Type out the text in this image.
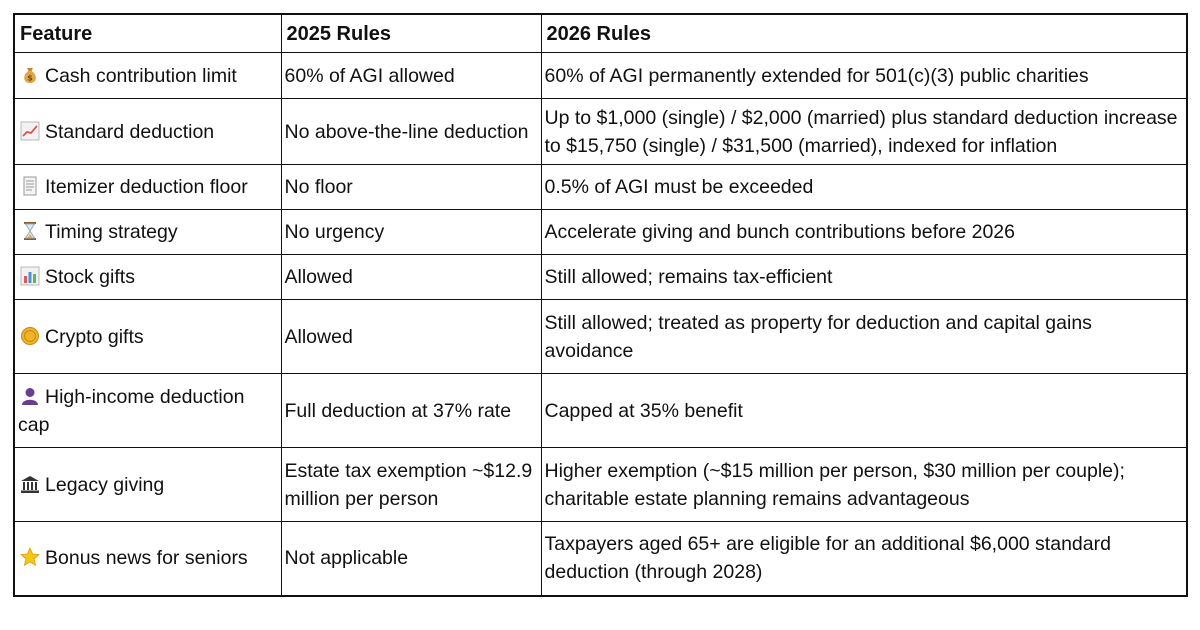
Feature	2025 Rules	2026 Rules

$ Cash contribution limit	60% of AGI allowed	60% of AGI permanently extended for 501(c)(3) public charities
Standard deduction	No above-the-line deduction	Up to $1,000 (single) / $2,000 (married) plus standard deduction increase to $15,750 (single) / $31,500 (married), indexed for inflation
Itemizer deduction floor	No floor	0.5% of AGI must be exceeded
Timing strategy	No urgency	Accelerate giving and bunch contributions before 2026
Stock gifts	Allowed	Still allowed; remains tax-efficient
Crypto gifts	Allowed	Still allowed; treated as property for deduction and capital gains avoidance
High-income deduction cap	Full deduction at 37% rate	Capped at 35% benefit
Legacy giving	Estate tax exemption ~$12.9 million per person	Higher exemption (~$15 million per person, $30 million per couple); charitable estate planning remains advantageous
Bonus news for seniors	Not applicable	Taxpayers aged 65+ are eligible for an additional $6,000 standard deduction (through 2028)
